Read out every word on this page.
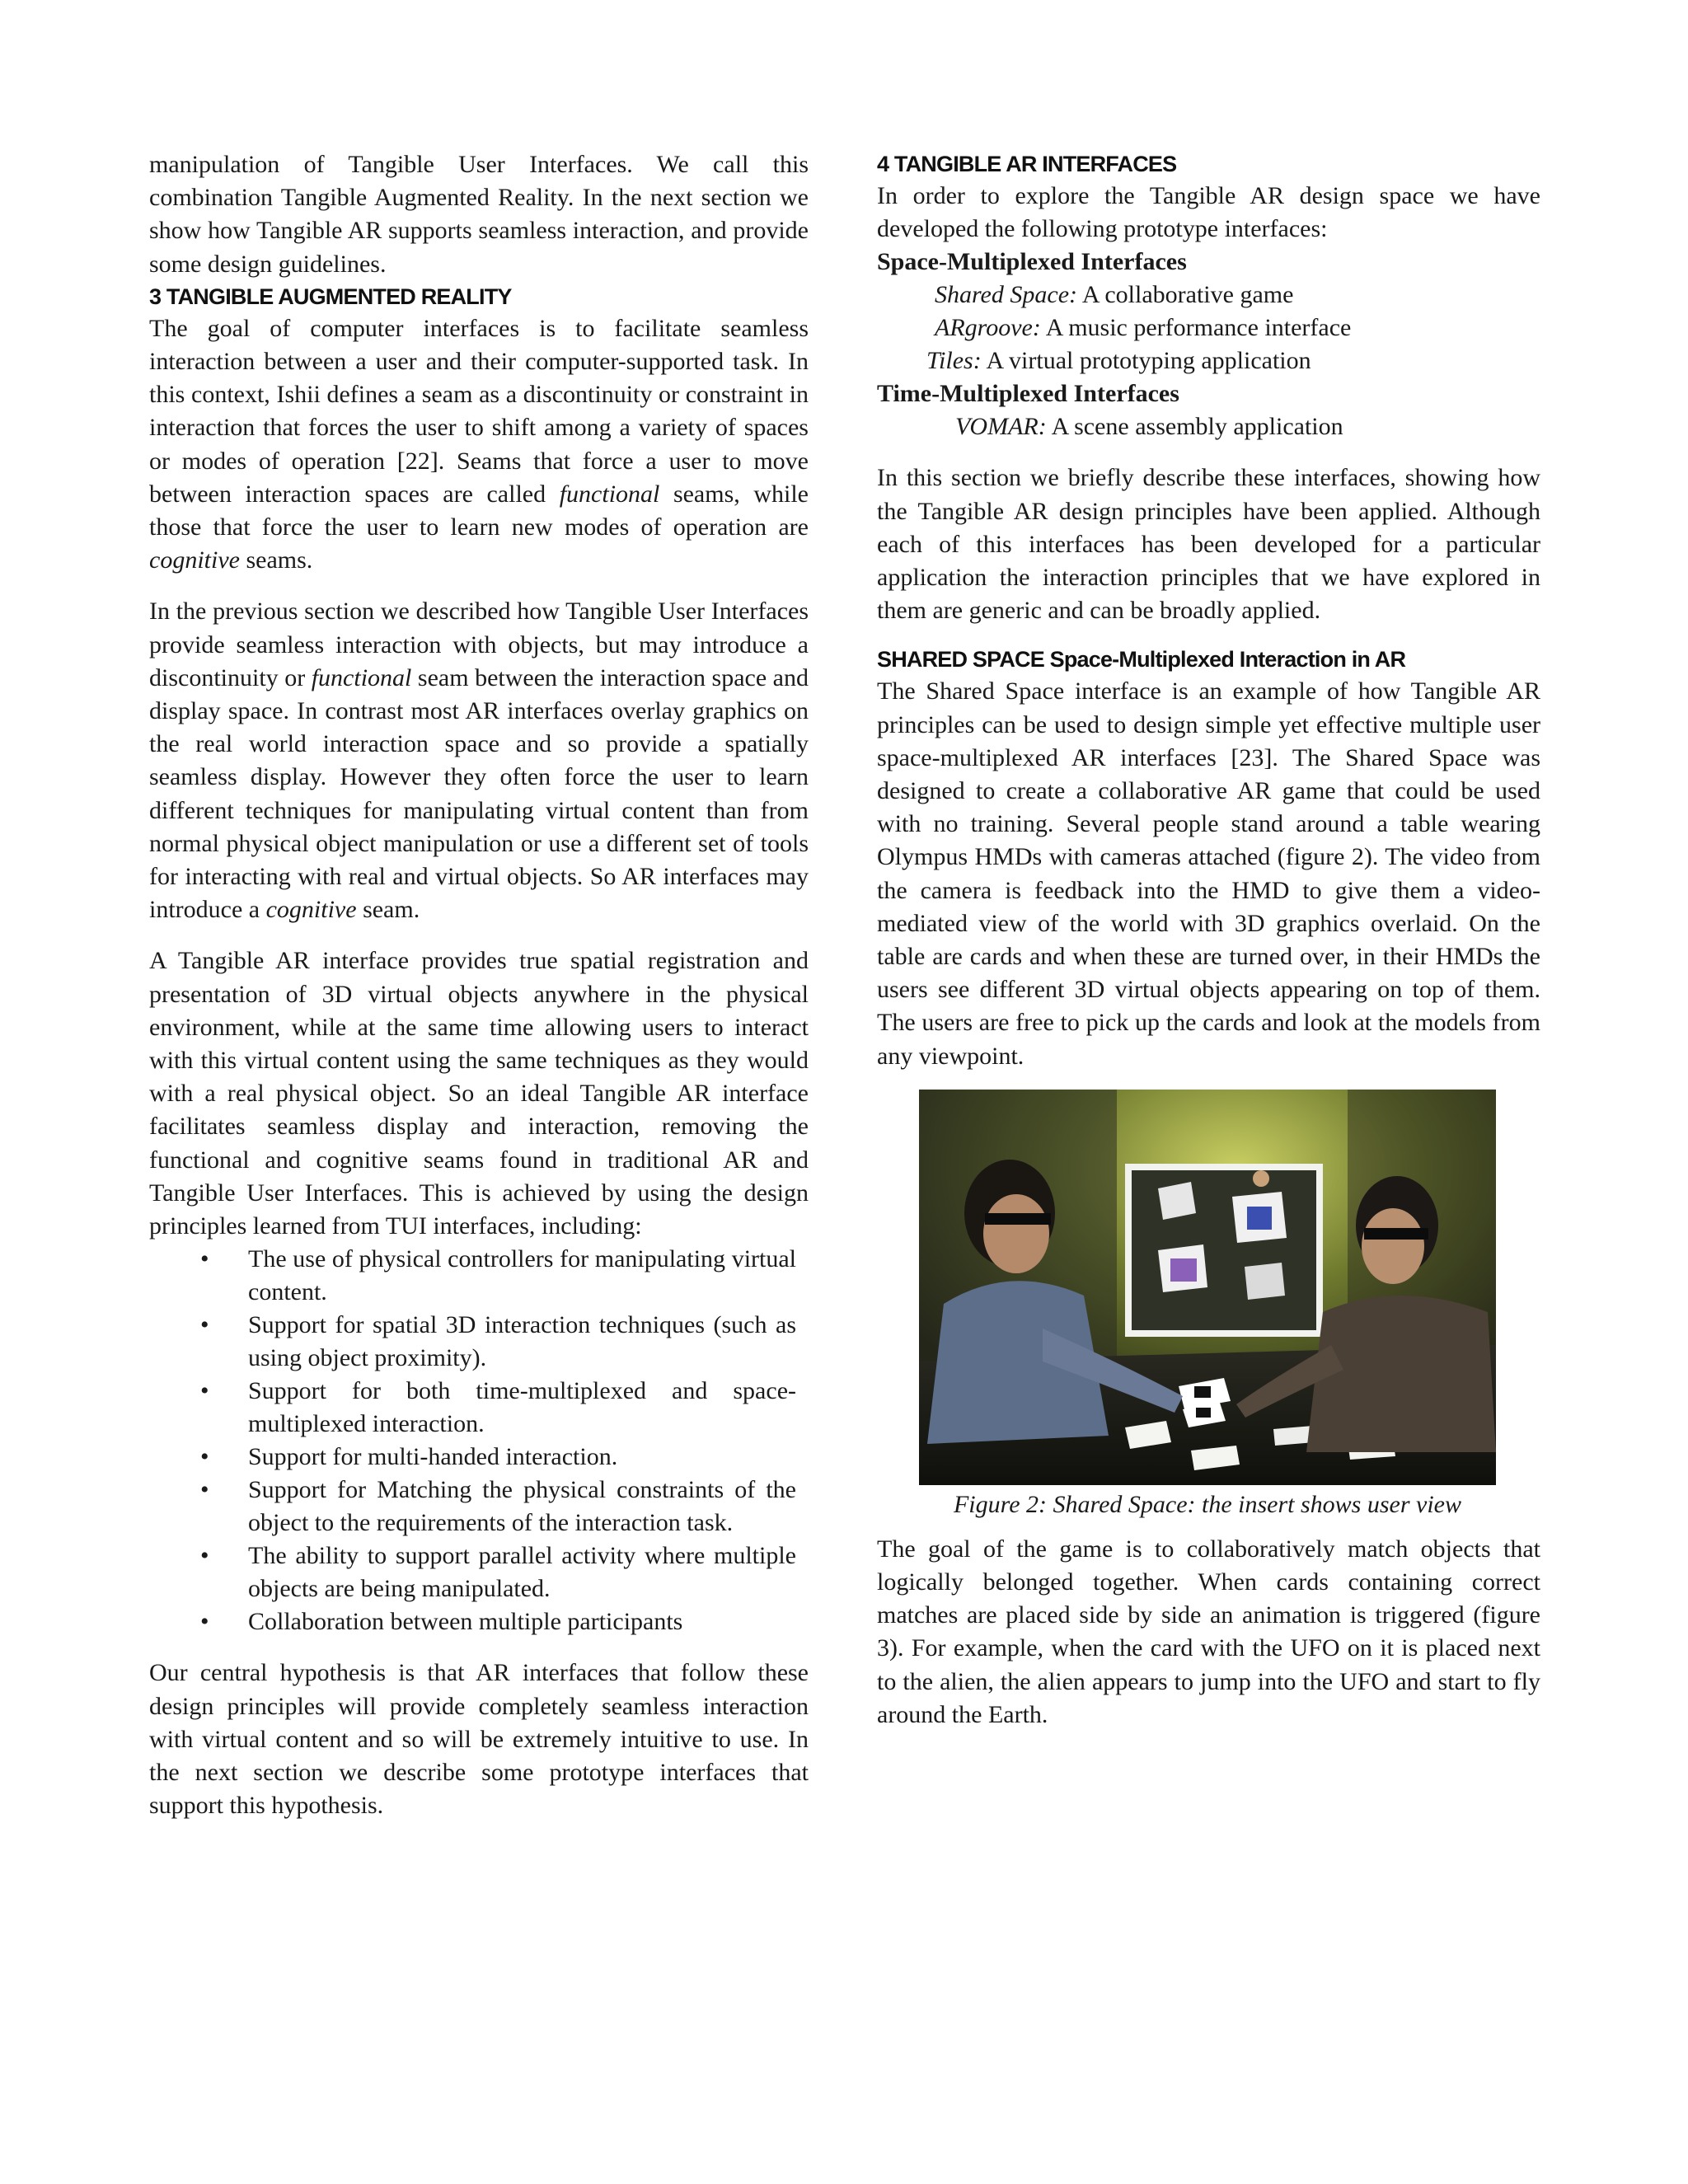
manipulation of Tangible User Interfaces. We call this combination Tangible Augmented Reality. In the next section we show how Tangible AR supports seamless interaction, and provide some design guidelines.

3 TANGIBLE AUGMENTED REALITY

The goal of computer interfaces is to facilitate seamless interaction between a user and their computer-supported task. In this context, Ishii defines a seam as a discontinuity or constraint in interaction that forces the user to shift among a variety of spaces or modes of operation [22]. Seams that force a user to move between interaction spaces are called functional seams, while those that force the user to learn new modes of operation are cognitive seams.

In the previous section we described how Tangible User Interfaces provide seamless interaction with objects, but may introduce a discontinuity or functional seam between the interaction space and display space. In contrast most AR interfaces overlay graphics on the real world interaction space and so provide a spatially seamless display. However they often force the user to learn different techniques for manipulating virtual content than from normal physical object manipulation or use a different set of tools for interacting with real and virtual objects. So AR interfaces may introduce a cognitive seam.

A Tangible AR interface provides true spatial registration and presentation of 3D virtual objects anywhere in the physical environment, while at the same time allowing users to interact with this virtual content using the same techniques as they would with a real physical object. So an ideal Tangible AR interface facilitates seamless display and interaction, removing the functional and cognitive seams found in traditional AR and Tangible User Interfaces. This is achieved by using the design principles learned from TUI interfaces, including:

• The use of physical controllers for manipulating virtual content.
• Support for spatial 3D interaction techniques (such as using object proximity).
• Support for both time-multiplexed and space-multiplexed interaction.
• Support for multi-handed interaction.
• Support for Matching the physical constraints of the object to the requirements of the interaction task.
• The ability to support parallel activity where multiple objects are being manipulated.
• Collaboration between multiple participants

Our central hypothesis is that AR interfaces that follow these design principles will provide completely seamless interaction with virtual content and so will be extremely intuitive to use. In the next section we describe some prototype interfaces that support this hypothesis.

4 TANGIBLE AR INTERFACES

In order to explore the Tangible AR design space we have developed the following prototype interfaces:

Space-Multiplexed Interfaces
Shared Space: A collaborative game
ARgroove: A music performance interface
Tiles: A virtual prototyping application
Time-Multiplexed Interfaces
VOMAR: A scene assembly application

In this section we briefly describe these interfaces, showing how the Tangible AR design principles have been applied. Although each of this interfaces has been developed for a particular application the interaction principles that we have explored in them are generic and can be broadly applied.

SHARED SPACE Space-Multiplexed Interaction in AR

The Shared Space interface is an example of how Tangible AR principles can be used to design simple yet effective multiple user space-multiplexed AR interfaces [23]. The Shared Space was designed to create a collaborative AR game that could be used with no training. Several people stand around a table wearing Olympus HMDs with cameras attached (figure 2). The video from the camera is feedback into the HMD to give them a video-mediated view of the world with 3D graphics overlaid. On the table are cards and when these are turned over, in their HMDs the users see different 3D virtual objects appearing on top of them. The users are free to pick up the cards and look at the models from any viewpoint.

Figure 2: Shared Space: the insert shows user view

The goal of the game is to collaboratively match objects that logically belonged together. When cards containing correct matches are placed side by side an animation is triggered (figure 3). For example, when the card with the UFO on it is placed next to the alien, the alien appears to jump into the UFO and start to fly around the Earth.
